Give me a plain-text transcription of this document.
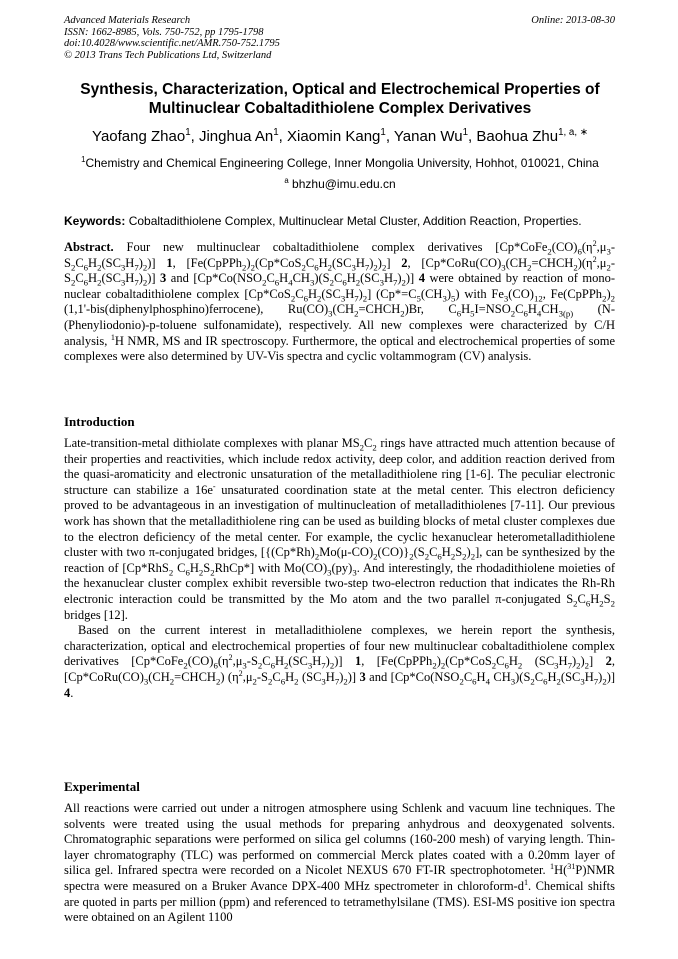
Advanced Materials Research
ISSN: 1662-8985, Vols. 750-752, pp 1795-1798
doi:10.4028/www.scientific.net/AMR.750-752.1795
© 2013 Trans Tech Publications Ltd, Switzerland
Online: 2013-08-30
Synthesis, Characterization, Optical and Electrochemical Properties of
Multinuclear Cobaltadithiolene Complex Derivatives
Yaofang Zhao$^1$, Jinghua An$^1$, Xiaomin Kang$^1$, Yanan Wu$^1$, Baohua Zhu$^{1, a, ∗}$
$^1$Chemistry and Chemical Engineering College, Inner Mongolia University, Hohhot, 010021, China
$^a$ bhzhu@imu.edu.cn
Keywords: Cobaltadithiolene Complex, Multinuclear Metal Cluster, Addition Reaction, Properties.
Abstract. Four new multinuclear cobaltadithiolene complex derivatives $[Cp*CoFe_2(CO)_6(\eta^2,\mu_3-S_2C_6H_2(SC_3H_7)_2)]$ 1, $[Fe(CpPPh_2)_2(Cp*CoS_2C_6H_2(SC_3H_7)_2)_2]$ 2, $[Cp*CoRu(CO)_3(CH_2=CHCH_2)(\eta^2,\mu_2-S_2C_6H_2(SC_3H_7)_2)]$ 3 and $[Cp*Co(NSO_2C_6H_4CH_3)(S_2C_6H_2(SC_3H_7)_2)]$ 4 were obtained by reaction of mono-nuclear cobaltadithiolene complex $[Cp*CoS_2C_6H_2(SC_3H_7)_2]$ $(Cp*=C_5(CH_3)_5)$ with $Fe_3(CO)_{12}$, $Fe(CpPPh_2)_2$ (1,1'-bis(diphenylphosphino)ferrocene), $Ru(CO)_3(CH_2=CHCH_2)Br$, $C_6H_5I=NSO_2C_6H_4CH_{3(p)}$ (N-(Phenyliodonio)-p-toluene sulfonamidate), respectively. All new complexes were characterized by C/H analysis, $^1$H NMR, MS and IR spectroscopy. Furthermore, the optical and electrochemical properties of some complexes were also determined by UV-Vis spectra and cyclic voltammogram (CV) analysis.
Introduction

Late-transition-metal dithiolate complexes with planar $MS_2C_2$ rings have attracted much attention because of their properties and reactivities, which include redox activity, deep color, and addition reaction derived from the quasi-aromaticity and electronic unsaturation of the metalladithiolene ring [1-6]. The peculiar electronic structure can stabilize a 16e- unsaturated coordination state at the metal center. This electron deficiency proved to be advantageous in an investigation of multinucleation of metalladithiolenes [7-11]. Our previous work has shown that the metalladithiolene ring can be used as building blocks of metal cluster complexes due to the electron deficiency of the metal center. For example, the cyclic hexanuclear heterometalladithiolene cluster with two π-conjugated bridges, $[\{(Cp*Rh)_2Mo(\mu-CO)_2(CO)\}_2(S_2C_6H_2S_2)_2]$, can be synthesized by the reaction of [Cp*RhS$_2$ $C_6H_2S_2RhCp*$] with $Mo(CO)_3(py)_3$. And interestingly, the rhodadithiolene moieties of the hexanuclear cluster complex exhibit reversible two-step two-electron reduction that indicates the Rh-Rh electronic interaction could be transmitted by the Mo atom and the two parallel π-conjugated $S_2C_6H_2S_2$ bridges [12].

Based on the current interest in metalladithiolene complexes, we herein report the synthesis, characterization, optical and electrochemical properties of four new multinuclear cobaltadithiolene complex derivatives $[Cp*CoFe_2(CO)_6(\eta^2,\mu_3-S_2C_6H_2(SC_3H_7)_2)]$ 1, [$Fe(CpPPh_2)_2(Cp*CoS_2C_6H_2$ $(SC_3H_7)_2)_2$] 2, [$Cp*CoRu(CO)_3(CH_2=CHCH_2)$ ($\eta^2,\mu_2-S_2C_6H_2$ $(SC_3H_7)_2$)] 3 and [$Cp*Co(NSO_2C_6H_4$ $CH_3)(S_2C_6H_2(SC_3H_7)_2)$] 4.

Experimental

All reactions were carried out under a nitrogen atmosphere using Schlenk and vacuum line techniques. The solvents were treated using the usual methods for preparing anhydrous and deoxygenated solvents. Chromatographic separations were performed on silica gel columns (160-200 mesh) of varying length. Thin-layer chromatography (TLC) was performed on commercial Merck plates coated with a 0.20mm layer of silica gel. Infrared spectra were recorded on a Nicolet NEXUS 670 FT-IR spectrophotometer. $^1$H($^{31}$P)NMR spectra were measured on a Bruker Avance DPX-400 MHz spectrometer in chloroform-$d^1$. Chemical shifts are quoted in parts per million (ppm) and referenced to tetramethylsilane (TMS). ESI-MS positive ion spectra were obtained on an Agilent 1100
